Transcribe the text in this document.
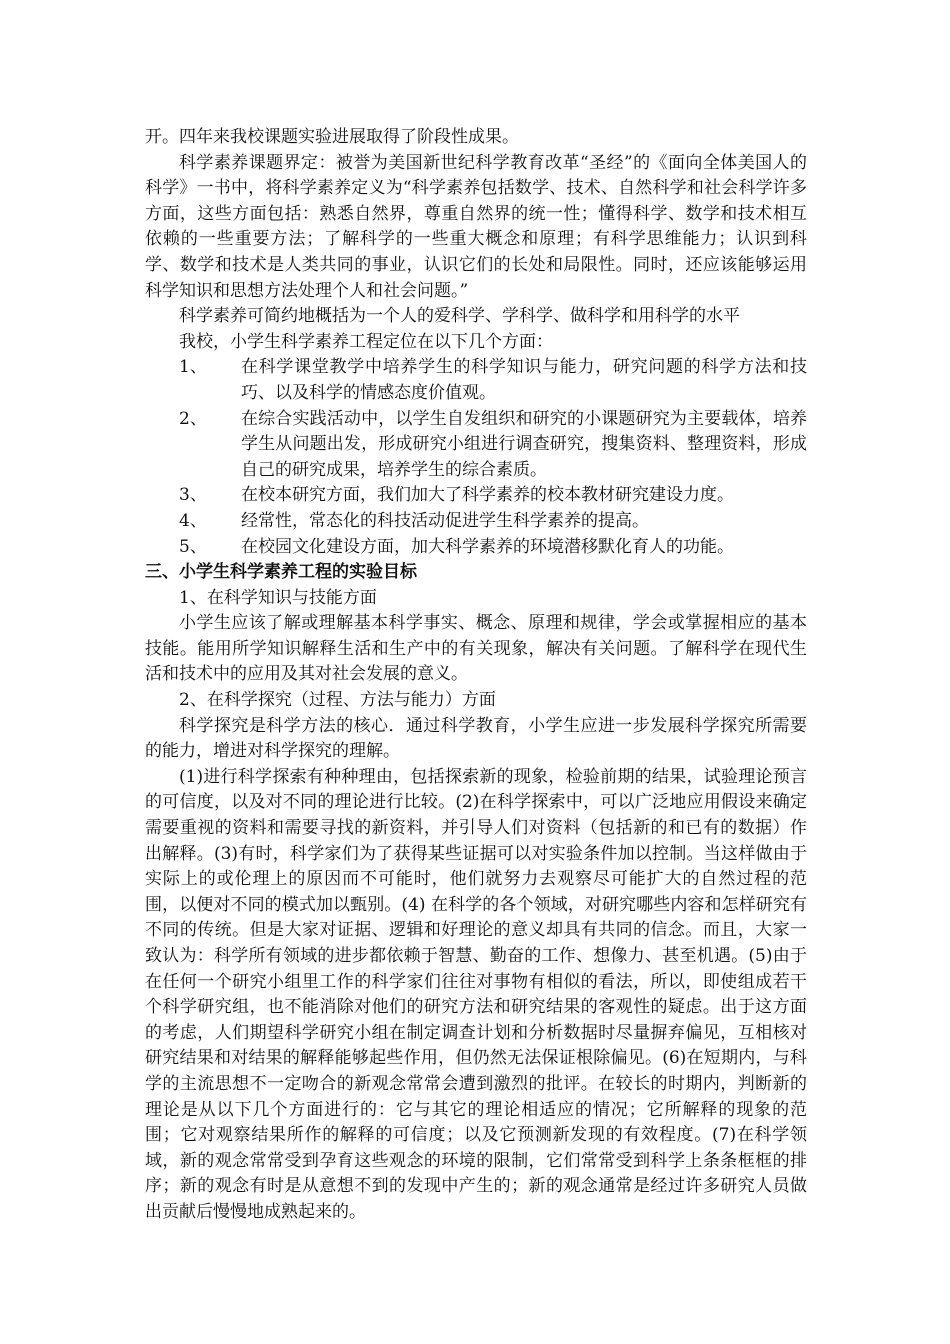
开。四年来我校课题实验进展取得了阶段性成果。

科学素养课题界定：被誉为美国新世纪科学教育改革“圣经”的《面向全体美国人的科学》一书中，将科学素养定义为“科学素养包括数学、技术、自然科学和社会科学许多方面，这些方面包括：熟悉自然界，尊重自然界的统一性；懂得科学、数学和技术相互依赖的一些重要方法；了解科学的一些重大概念和原理；有科学思维能力；认识到科学、数学和技术是人类共同的事业，认识它们的长处和局限性。同时，还应该能够运用科学知识和思想方法处理个人和社会问题。”

科学素养可简约地概括为一个人的爱科学、学科学、做科学和用科学的水平

我校，小学生科学素养工程定位在以下几个方面：

1、	在科学课堂教学中培养学生的科学知识与能力，研究问题的科学方法和技巧、以及科学的情感态度价值观。
2、	在综合实践活动中，以学生自发组织和研究的小课题研究为主要载体，培养学生从问题出发，形成研究小组进行调查研究，搜集资料、整理资料，形成自己的研究成果，培养学生的综合素质。
3、	在校本研究方面，我们加大了科学素养的校本教材研究建设力度。
4、	经常性，常态化的科技活动促进学生科学素养的提高。
5、	在校园文化建设方面，加大科学素养的环境潜移默化育人的功能。

三、小学生科学素养工程的实验目标

1、在科学知识与技能方面

小学生应该了解或理解基本科学事实、概念、原理和规律，学会或掌握相应的基本技能。能用所学知识解释生活和生产中的有关现象，解决有关问题。了解科学在现代生活和技术中的应用及其对社会发展的意义。

2、在科学探究（过程、方法与能力）方面

科学探究是科学方法的核心．通过科学教育，小学生应进一步发展科学探究所需要的能力，增进对科学探究的理解。

(1)进行科学探索有种种理由，包括探索新的现象，检验前期的结果，试验理论预言的可信度，以及对不同的理论进行比较。(2)在科学探索中，可以广泛地应用假设来确定需要重视的资料和需要寻找的新资料，并引导人们对资料（包括新的和已有的数据）作出解释。(3)有时，科学家们为了获得某些证据可以对实验条件加以控制。当这样做由于实际上的或伦理上的原因而不可能时，他们就努力去观察尽可能扩大的自然过程的范围，以便对不同的模式加以甄别。(4) 在科学的各个领域，对研究哪些内容和怎样研究有不同的传统。但是大家对证据、逻辑和好理论的意义却具有共同的信念。而且，大家一致认为：科学所有领域的进步都依赖于智慧、勤奋的工作、想像力、甚至机遇。(5)由于在任何一个研究小组里工作的科学家们往往对事物有相似的看法，所以，即使组成若干个科学研究组，也不能消除对他们的研究方法和研究结果的客观性的疑虑。出于这方面的考虑，人们期望科学研究小组在制定调查计划和分析数据时尽量摒弃偏见，互相核对研究结果和对结果的解释能够起些作用，但仍然无法保证根除偏见。(6)在短期内，与科学的主流思想不一定吻合的新观念常常会遭到激烈的批评。在较长的时期内，判断新的理论是从以下几个方面进行的：它与其它的理论相适应的情况；它所解释的现象的范围；它对观察结果所作的解释的可信度；以及它预测新发现的有效程度。(7)在科学领域，新的观念常常受到孕育这些观念的环境的限制，它们常常受到科学上条条框框的排序；新的观念有时是从意想不到的发现中产生的；新的观念通常是经过许多研究人员做出贡献后慢慢地成熟起来的。
